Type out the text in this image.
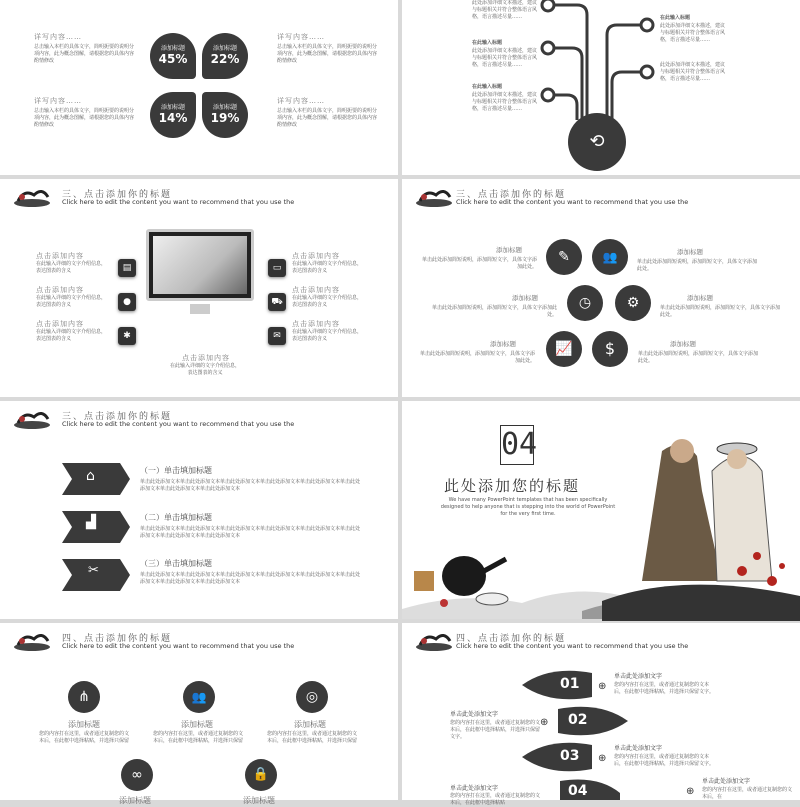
详写内容……
总击输入本栏的具体文字，简明扼要的说明分项内容，此为概念图解，请根据您的具体内容酌情修改
详写内容……
总击输入本栏的具体文字，简明扼要的说明分项内容，此为概念图解，请根据您的具体内容酌情修改
详写内容……
总击输入本栏的具体文字，简明扼要的说明分项内容，此为概念图解，请根据您的具体内容酌情修改
详写内容……
总击输入本栏的具体文字，简明扼要的说明分项内容，此为概念图解，请根据您的具体内容酌情修改
添加标题
45%
添加标题
22%
添加标题
14%
添加标题
19%
⟲
此处添加详细文本描述，建议与标题相关并符合整体语言风格，语言描述尽量……
在此输入标题
此处添加详细文本描述，建议与标题相关并符合整体语言风格，语言描述尽量……
在此输入标题
此处添加详细文本描述，建议与标题相关并符合整体语言风格，语言描述尽量……
在此输入标题
此处添加详细文本描述，建议与标题相关并符合整体语言风格，语言描述尽量……
此处添加详细文本描述，建议与标题相关并符合整体语言风格，语言描述尽量……
三、点击添加你的标题
Click here to edit the content you want to recommend that you use the
▤
●
✱
▭
⛟
✉
点击添加内容
在此输入详细的文字介绍信息，表达图表的含义
点击添加内容
在此输入详细的文字介绍信息，表达图表的含义
点击添加内容
在此输入详细的文字介绍信息，表达图表的含义
点击添加内容
在此输入详细的文字介绍信息，表达图表的含义
点击添加内容
在此输入详细的文字介绍信息，表达图表的含义
点击添加内容
在此输入详细的文字介绍信息，表达图表的含义
点击添加内容
在此输入详细的文字介绍信息，表达图表的含义
三、点击添加你的标题
Click here to edit the content you want to recommend that you use the
✎	👥
◷	⚙
📈	$
添加标题
单击此处添加简短说明，添加简短文字，具体文字添加此处。
添加标题
单击此处添加简短说明，添加简短文字，具体文字添加此处。
添加标题
单击此处添加简短说明，添加简短文字，具体文字添加此处。
添加标题
单击此处添加简短说明，添加简短文字，具体文字添加此处。
添加标题
单击此处添加简短说明，添加简短文字，具体文字添加此处。
添加标题
单击此处添加简短说明，添加简短文字，具体文字添加此处。
三、点击添加你的标题
Click here to edit the content you want to recommend that you use the
⌂
▟
✂
（一）单击填加标题
单击此处添加文本单击此处添加文本单击此处添加文本单击此处添加文本单击此处添加文本单击此处添加文本单击此处添加文本单击此处添加文本
（二）单击填加标题
单击此处添加文本单击此处添加文本单击此处添加文本单击此处添加文本单击此处添加文本单击此处添加文本单击此处添加文本单击此处添加文本
（三）单击填加标题
单击此处添加文本单击此处添加文本单击此处添加文本单击此处添加文本单击此处添加文本单击此处添加文本单击此处添加文本单击此处添加文本
04
此处添加您的标题
We have many PowerPoint templates that has been specifically designed to help anyone that is stepping into the world of PowerPoint for the very first time.
四、点击添加你的标题
Click here to edit the content you want to recommend that you use the
⋔	👥	◎
∞	🔒
添加标题
您的内容打在这里，或者通过复制您的文本后，在此框中选择粘贴，并选择只保留
添加标题
您的内容打在这里，或者通过复制您的文本后，在此框中选择粘贴，并选择只保留
添加标题
您的内容打在这里，或者通过复制您的文本后，在此框中选择粘贴，并选择只保留
添加标题	添加标题
四、点击添加你的标题
Click here to edit the content you want to recommend that you use the
01
02
03
04
⊕
⊕
⊕
⊕
单击此处添加文字
您的内容打在这里，或者通过复制您的文本后，在此框中选择粘贴，并选择只保留文字。
单击此处添加文字
您的内容打在这里，或者通过复制您的文本后，在此框中选择粘贴，并选择只保留文字。
单击此处添加文字
您的内容打在这里，或者通过复制您的文本后，在此框中选择粘贴，并选择只保留文字。
单击此处添加文字
您的内容打在这里，或者通过复制您的文本后，在此框中选择粘贴
单击此处添加文字
您的内容打在这里，或者通过复制您的文本后，在
